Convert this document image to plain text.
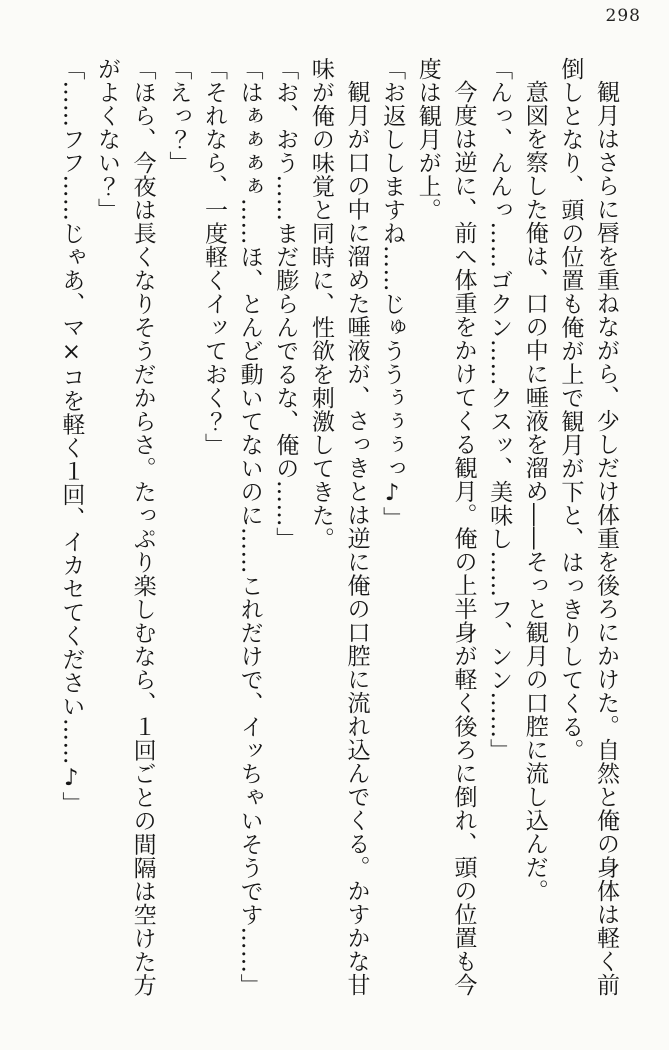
298

観月はさらに唇を重ねながら、少しだけ体重を後ろにかけた。自然と俺の身体は軽く前倒しとなり、頭の位置も俺が上で観月が下と、はっきりしてくる。

意図を察した俺は、口の中に唾液を溜め――そっと観月の口腔に流し込んだ。

「んっ、んんっ……ゴクン……クスッ、美味し……フ、ンン……」

今度は逆に、前へ体重をかけてくる観月。俺の上半身が軽く後ろに倒れ、頭の位置も今度は観月が上。

「お返ししますね……じゅううぅぅぅっ♪」

観月が口の中に溜めた唾液が、さっきとは逆に俺の口腔に流れ込んでくる。かすかな甘味が俺の味覚と同時に、性欲を刺激してきた。

「お、おう……まだ膨らんでるな、俺の……」

「はぁぁぁぁ……ほ、とんど動いてないのに……これだけで、イッちゃいそうです……」

「それなら、一度軽くイッておく？」

「えっ？」

「ほら、今夜は長くなりそうだからさ。たっぷり楽しむなら、１回ごとの間隔は空けた方がよくない？」

「……フフ……じゃあ、マ×コを軽く１回、イカセてください……♪」
